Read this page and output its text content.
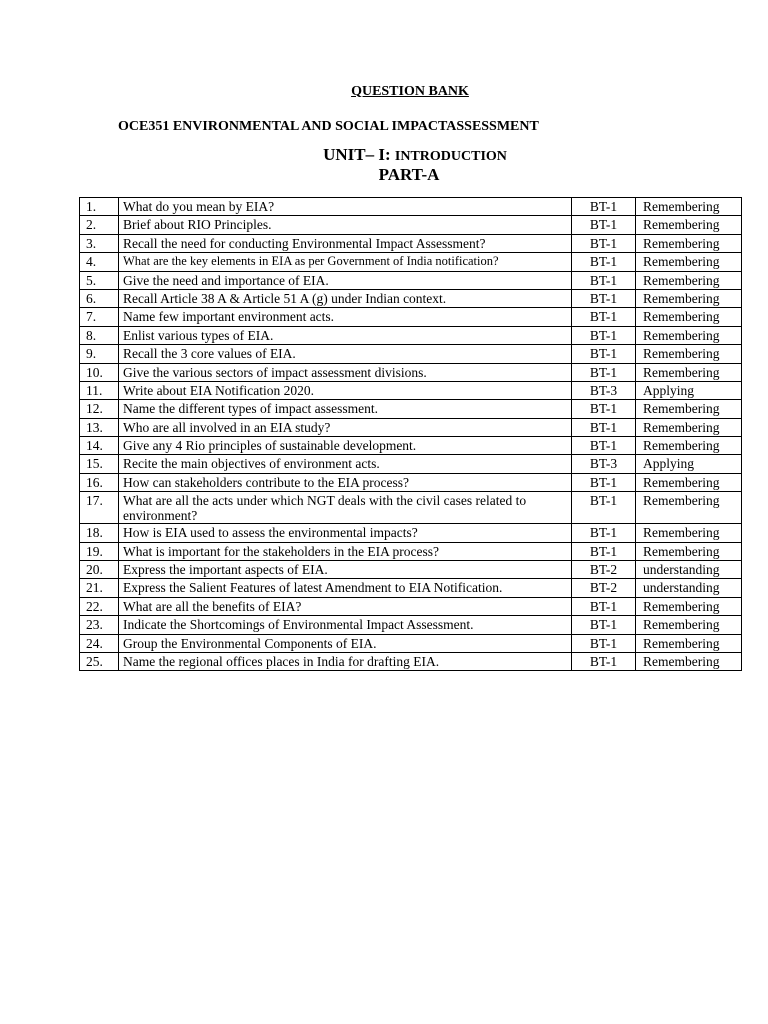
QUESTION BANK
OCE351 ENVIRONMENTAL AND SOCIAL IMPACTASSESSMENT
UNIT– I: INTRODUCTION
PART-A
1.	What do you mean by EIA?	BT-1	Remembering
2.	Brief about RIO Principles.	BT-1	Remembering
3.	Recall the need for conducting Environmental Impact Assessment?	BT-1	Remembering
4.	What are the key elements in EIA as per Government of India notification?	BT-1	Remembering
5.	Give the need and importance of EIA.	BT-1	Remembering
6.	Recall Article 38 A & Article 51 A (g) under Indian context.	BT-1	Remembering
7.	Name few important environment acts.	BT-1	Remembering
8.	Enlist various types of EIA.	BT-1	Remembering
9.	Recall the 3 core values of EIA.	BT-1	Remembering
10.	Give the various sectors of impact assessment divisions.	BT-1	Remembering
11.	Write about EIA Notification 2020.	BT-3	Applying
12.	Name the different types of impact assessment.	BT-1	Remembering
13.	Who are all involved in an EIA study?	BT-1	Remembering
14.	Give any 4 Rio principles of sustainable development.	BT-1	Remembering
15.	Recite the main objectives of environment acts.	BT-3	Applying
16.	How can stakeholders contribute to the EIA process?	BT-1	Remembering
17.	What are all the acts under which NGT deals with the civil cases related to environment?	BT-1	Remembering
18.	How is EIA used to assess the environmental impacts?	BT-1	Remembering
19.	What is important for the stakeholders in the EIA process?	BT-1	Remembering
20.	Express the important aspects of EIA.	BT-2	understanding
21.	Express the Salient Features of latest Amendment to EIA Notification.	BT-2	understanding
22.	What are all the benefits of EIA?	BT-1	Remembering
23.	Indicate the Shortcomings of Environmental Impact Assessment.	BT-1	Remembering
24.	Group the Environmental Components of EIA.	BT-1	Remembering
25.	Name the regional offices places in India for drafting EIA.	BT-1	Remembering
